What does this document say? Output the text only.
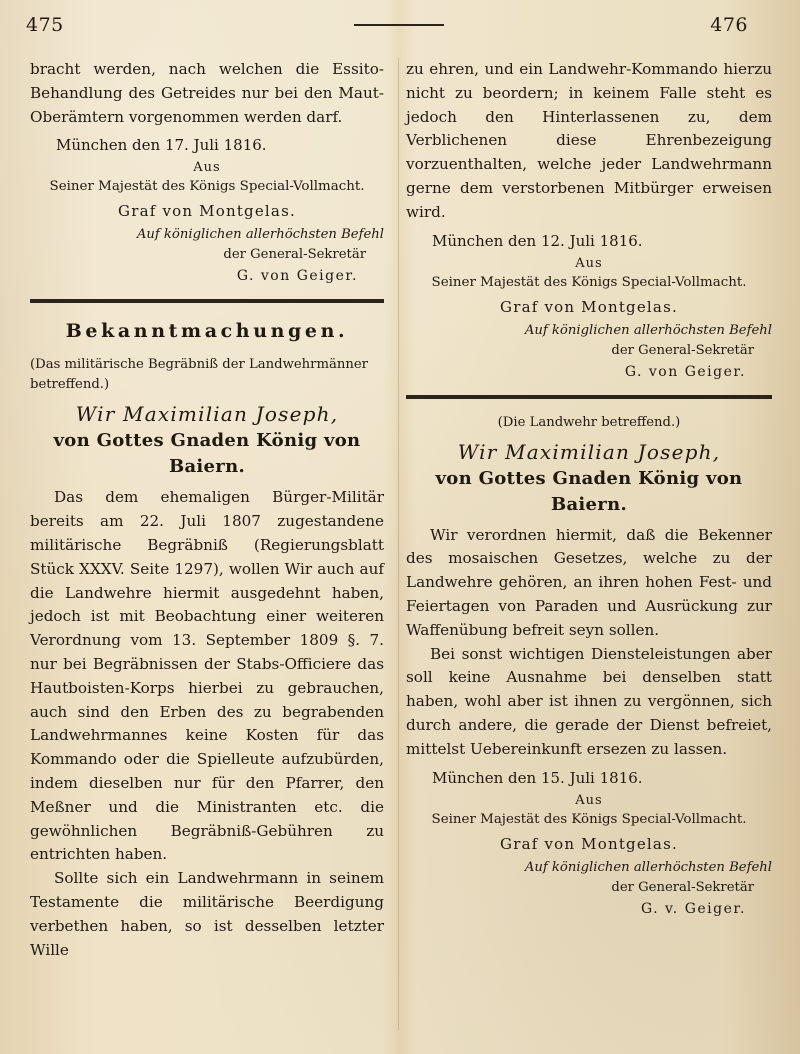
475	476

bracht werden, nach welchen die Essito-Behandlung des Getreides nur bei den Maut-Oberämtern vorgenommen werden darf.

München den 17. Juli 1816.

Aus

Seiner Majestät des Königs Special-Vollmacht.

Graf von Montgelas.

Auf königlichen allerhöchsten Befehl

der General-Sekretär

G. von Geiger.

Bekanntmachungen.

(Das militärische Begräbniß der Landwehrmänner betreffend.)

Wir Maximilian Joseph,

von Gottes Gnaden König von Baiern.

Das dem ehemaligen Bürger-Militär bereits am 22. Juli 1807 zugestandene militärische Begräbniß (Regierungsblatt Stück XXXV. Seite 1297), wollen Wir auch auf die Landwehre hiermit ausgedehnt haben, jedoch ist mit Beobachtung einer weiteren Verordnung vom 13. September 1809 §. 7. nur bei Begräbnissen der Stabs-Officiere das Hautboisten-Korps hierbei zu gebrauchen, auch sind den Erben des zu begrabenden Landwehrmannes keine Kosten für das Kommando oder die Spielleute aufzubürden, indem dieselben nur für den Pfarrer, den Meßner und die Ministranten etc. die gewöhnlichen Begräbniß-Gebühren zu entrichten haben.

Sollte sich ein Landwehrmann in seinem Testamente die militärische Beerdigung verbethen haben, so ist desselben letzter Wille

zu ehren, und ein Landwehr-Kommando hierzu nicht zu beordern; in keinem Falle steht es jedoch den Hinterlassenen zu, dem Verblichenen diese Ehrenbezeigung vorzuenthalten, welche jeder Landwehrmann gerne dem verstorbenen Mitbürger erweisen wird.

München den 12. Juli 1816.

Aus

Seiner Majestät des Königs Special-Vollmacht.

Graf von Montgelas.

Auf königlichen allerhöchsten Befehl

der General-Sekretär

G. von Geiger.

(Die Landwehr betreffend.)

Wir Maximilian Joseph,

von Gottes Gnaden König von Baiern.

Wir verordnen hiermit, daß die Bekenner des mosaischen Gesetzes, welche zu der Landwehre gehören, an ihren hohen Fest- und Feiertagen von Paraden und Ausrückung zur Waffenübung befreit seyn sollen.

Bei sonst wichtigen Diensteleistungen aber soll keine Ausnahme bei denselben statt haben, wohl aber ist ihnen zu vergönnen, sich durch andere, die gerade der Dienst befreiet, mittelst Uebereinkunft ersezen zu lassen.

München den 15. Juli 1816.

Aus

Seiner Majestät des Königs Special-Vollmacht.

Graf von Montgelas.

Auf königlichen allerhöchsten Befehl

der General-Sekretär

G. v. Geiger.
